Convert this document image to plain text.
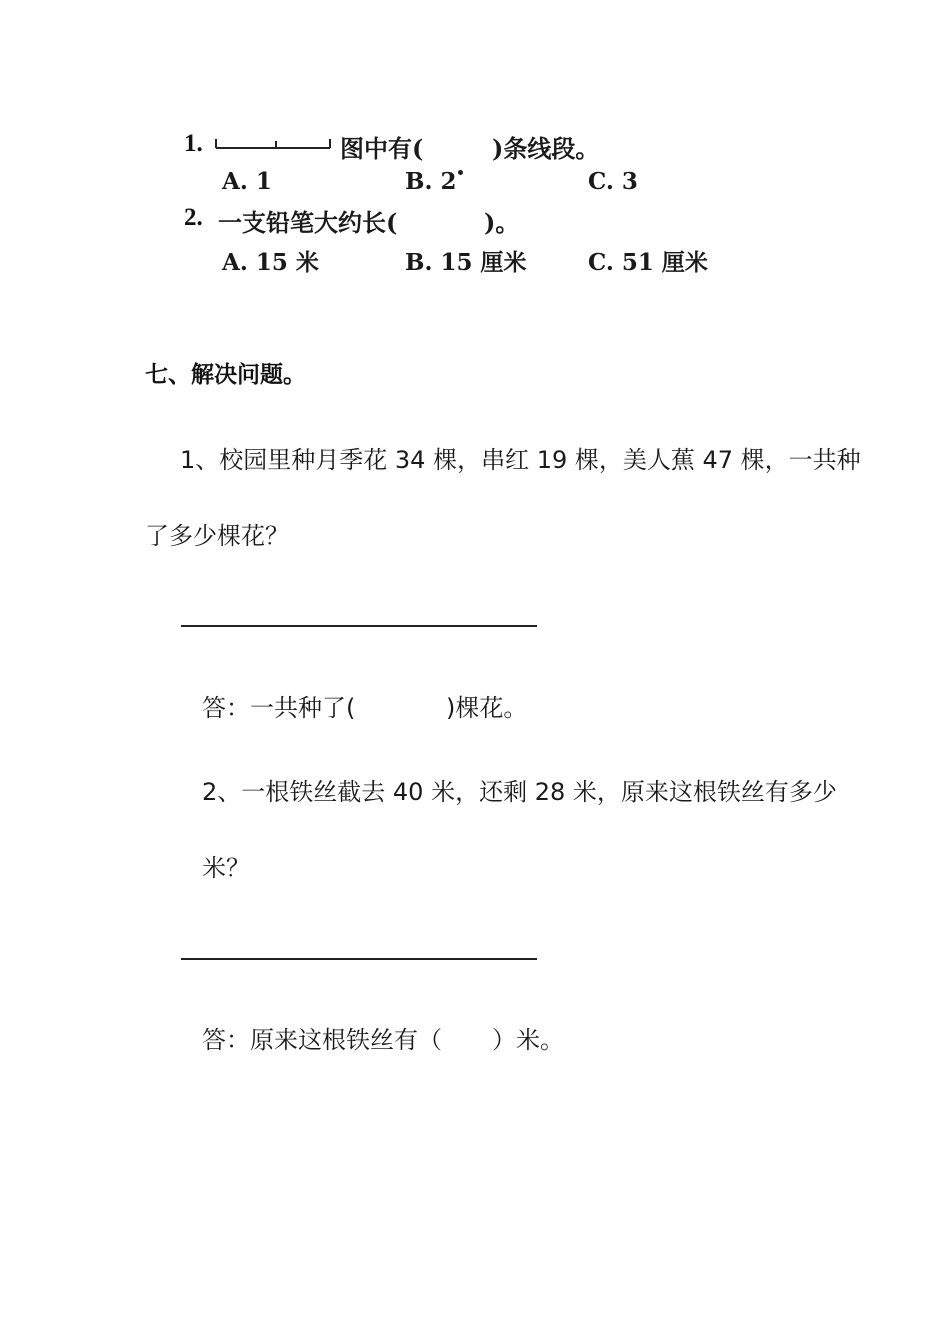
1.	图中有(	)条线段。
A. 1	B. 2	C. 3
2. 一支铅笔大约长(	)。
A. 15 米	B. 15 厘米	C. 51 厘米
七、解决问题。
1、校园里种月季花 34 棵，串红 19 棵，美人蕉 47 棵，一共种
了多少棵花？
答：一共种了(	)棵花。
2、一根铁丝截去 40 米，还剩 28 米，原来这根铁丝有多少
米？
答：原来这根铁丝有（ ）米。
